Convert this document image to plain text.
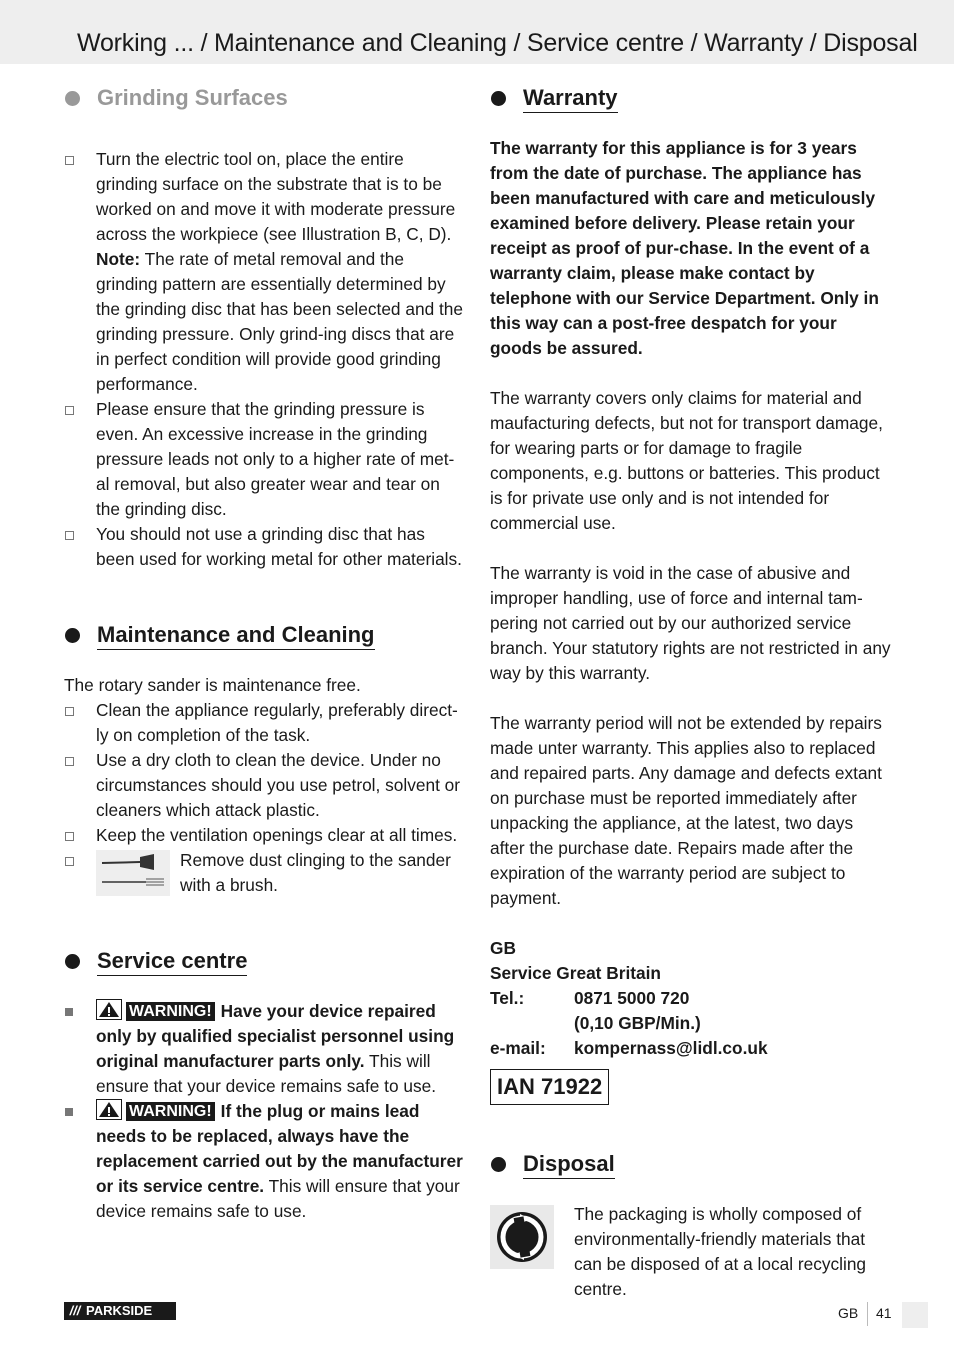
Working ... / Maintenance and Cleaning / Service centre / Warranty / Disposal
Grinding Surfaces
Turn the electric tool on, place the entire grinding surface on the substrate that is to be worked on and move it with moderate pressure across the workpiece (see Illustration B, C, D). Note: The rate of metal removal and the grinding pattern are essentially determined by the grinding disc that has been selected and the grinding pressure. Only grind-ing discs that are in perfect condition will provide good grinding performance.
Please ensure that the grinding pressure is even. An excessive increase in the grinding pressure leads not only to a higher rate of met-al removal, but also greater wear and tear on the grinding disc.
You should not use a grinding disc that has been used for working metal for other materials.
Maintenance and Cleaning

The rotary sander is maintenance free.

Clean the appliance regularly, preferably direct-ly on completion of the task.
Use a dry cloth to clean the device. Under no circumstances should you use petrol, solvent or cleaners which attack plastic.
Keep the ventilation openings clear at all times.
Remove dust clinging to the sander with a brush.
Service centre
WARNING! Have your device repaired only by qualified specialist personnel using original manufacturer parts only. This will ensure that your device remains safe to use.
WARNING! If the plug or mains lead needs to be replaced, always have the replacement carried out by the manufacturer or its service centre. This will ensure that your device remains safe to use.
Warranty

The warranty for this appliance is for 3 years from the date of purchase. The appliance has been manufactured with care and meticulously examined before delivery. Please retain your receipt as proof of pur-chase. In the event of a warranty claim, please make contact by telephone with our Service Department. Only in this way can a post-free despatch for your goods be assured.

The warranty covers only claims for material and maufacturing defects, but not for transport damage, for wearing parts or for damage to fragile components, e.g. buttons or batteries. This product is for private use only and is not intended for commercial use.

The warranty is void in the case of abusive and improper handling, use of force and internal tam-pering not carried out by our authorized service branch. Your statutory rights are not restricted in any way by this warranty.

The warranty period will not be extended by repairs made unter warranty. This applies also to replaced and repaired parts. Any damage and defects extant on purchase must be reported immediately after unpacking the appliance, at the latest, two days after the purchase date. Repairs made after the expiration of the warranty period are subject to payment.

GB
Service Great Britain
Tel.:	0871 5000 720
	(0,10 GBP/Min.)
e-mail:	kompernass@lidl.co.uk
IAN 71922
Disposal
The packaging is wholly composed of environmentally-friendly materials that can be disposed of at a local recycling centre.
/// PARKSIDE	GB 41
